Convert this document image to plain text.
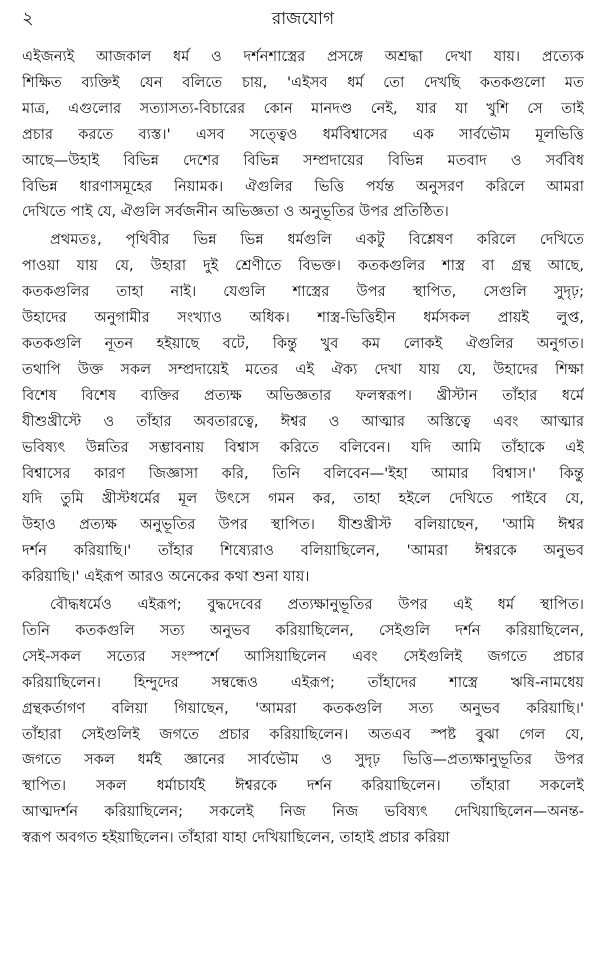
২	রাজযোগ
এইজন্যই আজকাল ধর্ম ও দর্শনশাস্ত্রের প্রসঙ্গে অশ্রদ্ধা দেখা যায়। প্রত্যেক
শিক্ষিত ব্যক্তিই যেন বলিতে চায়, 'এইসব ধর্ম তো দেখছি কতকগুলো মত
মাত্র, এগুলোর সত্যাসত্য-বিচারের কোন মানদণ্ড নেই, যার যা খুশি সে তাই
প্রচার করতে ব্যস্ত।' এসব সত্ত্বেও ধর্মবিশ্বাসের এক সার্বভৌম মূলভিত্তি
আছে—উহাই বিভিন্ন দেশের বিভিন্ন সম্প্রদায়ের বিভিন্ন মতবাদ ও সর্ববিধ
বিভিন্ন ধারণাসমূহের নিয়ামক। ঐগুলির ভিত্তি পর্যন্ত অনুসরণ করিলে আমরা
দেখিতে পাই যে, ঐগুলি সর্বজনীন অভিজ্ঞতা ও অনুভূতির উপর প্রতিষ্ঠিত।
প্রথমতঃ, পৃথিবীর ভিন্ন ভিন্ন ধর্মগুলি একটু বিশ্লেষণ করিলে দেখিতে
পাওয়া যায় যে, উহারা দুই শ্রেণীতে বিভক্ত। কতকগুলির শাস্ত্র বা গ্রন্থ আছে,
কতকগুলির তাহা নাই। যেগুলি শাস্ত্রের উপর স্থাপিত, সেগুলি সুদৃঢ়;
উহাদের অনুগামীর সংখ্যাও অধিক। শাস্ত্র-ভিত্তিহীন ধর্মসকল প্রায়ই লুপ্ত,
কতকগুলি নূতন হইয়াছে বটে, কিন্তু খুব কম লোকই ঐগুলির অনুগত।
তথাপি উক্ত সকল সম্প্রদায়েই মতের এই ঐক্য দেখা যায় যে, উহাদের শিক্ষা
বিশেষ বিশেষ ব্যক্তির প্রত্যক্ষ অভিজ্ঞতার ফলস্বরূপ। খ্রীস্টান তাঁহার ধর্মে
যীশুখ্রীস্টে ও তাঁহার অবতারত্বে, ঈশ্বর ও আত্মার অস্তিত্বে এবং আত্মার
ভবিষ্যৎ উন্নতির সম্ভাবনায় বিশ্বাস করিতে বলিবেন। যদি আমি তাঁহাকে এই
বিশ্বাসের কারণ জিজ্ঞাসা করি, তিনি বলিবেন—'ইহা আমার বিশ্বাস।' কিন্তু
যদি তুমি খ্রীস্টধর্মের মূল উৎসে গমন কর, তাহা হইলে দেখিতে পাইবে যে,
উহাও প্রত্যক্ষ অনুভূতির উপর স্থাপিত। যীশুখ্রীস্ট বলিয়াছেন, 'আমি ঈশ্বর
দর্শন করিয়াছি।' তাঁহার শিষ্যেরাও বলিয়াছিলেন, 'আমরা ঈশ্বরকে অনুভব
করিয়াছি।' এইরূপ আরও অনেকের কথা শুনা যায়।
বৌদ্ধধর্মেও এইরূপ; বুদ্ধদেবের প্রত্যক্ষানুভূতির উপর এই ধর্ম স্থাপিত।
তিনি কতকগুলি সত্য অনুভব করিয়াছিলেন, সেইগুলি দর্শন করিয়াছিলেন,
সেই-সকল সত্যের সংস্পর্শে আসিয়াছিলেন এবং সেইগুলিই জগতে প্রচার
করিয়াছিলেন। হিন্দুদের সম্বন্ধেও এইরূপ; তাঁহাদের শাস্ত্রে ঋষি-নামধেয়
গ্রন্থকর্তাগণ বলিয়া গিয়াছেন, 'আমরা কতকগুলি সত্য অনুভব করিয়াছি।'
তাঁহারা সেইগুলিই জগতে প্রচার করিয়াছিলেন। অতএব স্পষ্ট বুঝা গেল যে,
জগতে সকল ধর্মই জ্ঞানের সার্বভৌম ও সুদৃঢ় ভিত্তি—প্রত্যক্ষানুভূতির উপর
স্থাপিত। সকল ধর্মাচার্যই ঈশ্বরকে দর্শন করিয়াছিলেন। তাঁহারা সকলেই
আত্মদর্শন করিয়াছিলেন; সকলেই নিজ নিজ ভবিষ্যৎ দেখিয়াছিলেন—অনন্ত-
স্বরূপ অবগত হইয়াছিলেন। তাঁহারা যাহা দেখিয়াছিলেন, তাহাই প্রচার করিয়া
